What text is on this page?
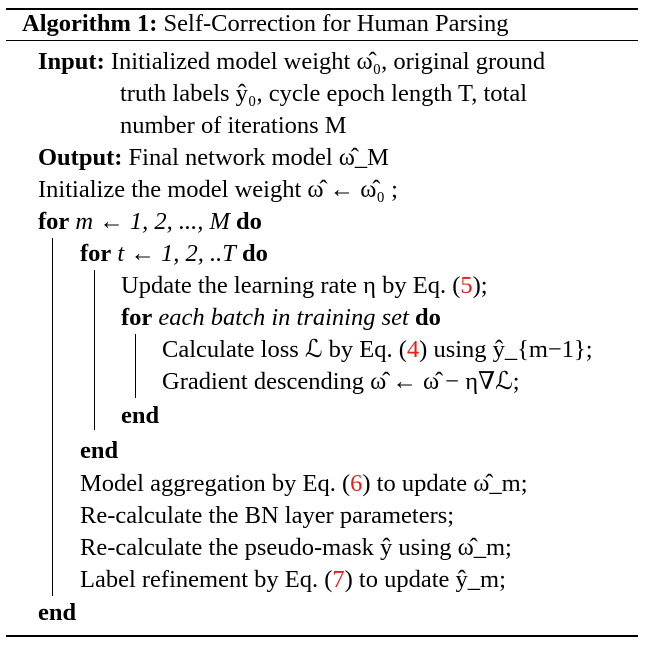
Algorithm 1: Self-Correction for Human Parsing
Input: Initialized model weight ω̂₀, original ground
truth labels ŷ₀, cycle epoch length T, total
number of iterations M
Output: Final network model ω̂_M
Initialize the model weight ω̂ ← ω̂₀ ;
for m ← 1, 2, ..., M do
for t ← 1, 2, ..T do
Update the learning rate η by Eq. (5);
for each batch in training set do
Calculate loss ℒ by Eq. (4) using ŷ_{m−1};
Gradient descending ω̂ ← ω̂ − η∇ℒ;
end
end
Model aggregation by Eq. (6) to update ω̂_m;
Re-calculate the BN layer parameters;
Re-calculate the pseudo-mask ŷ using ω̂_m;
Label refinement by Eq. (7) to update ŷ_m;
end
